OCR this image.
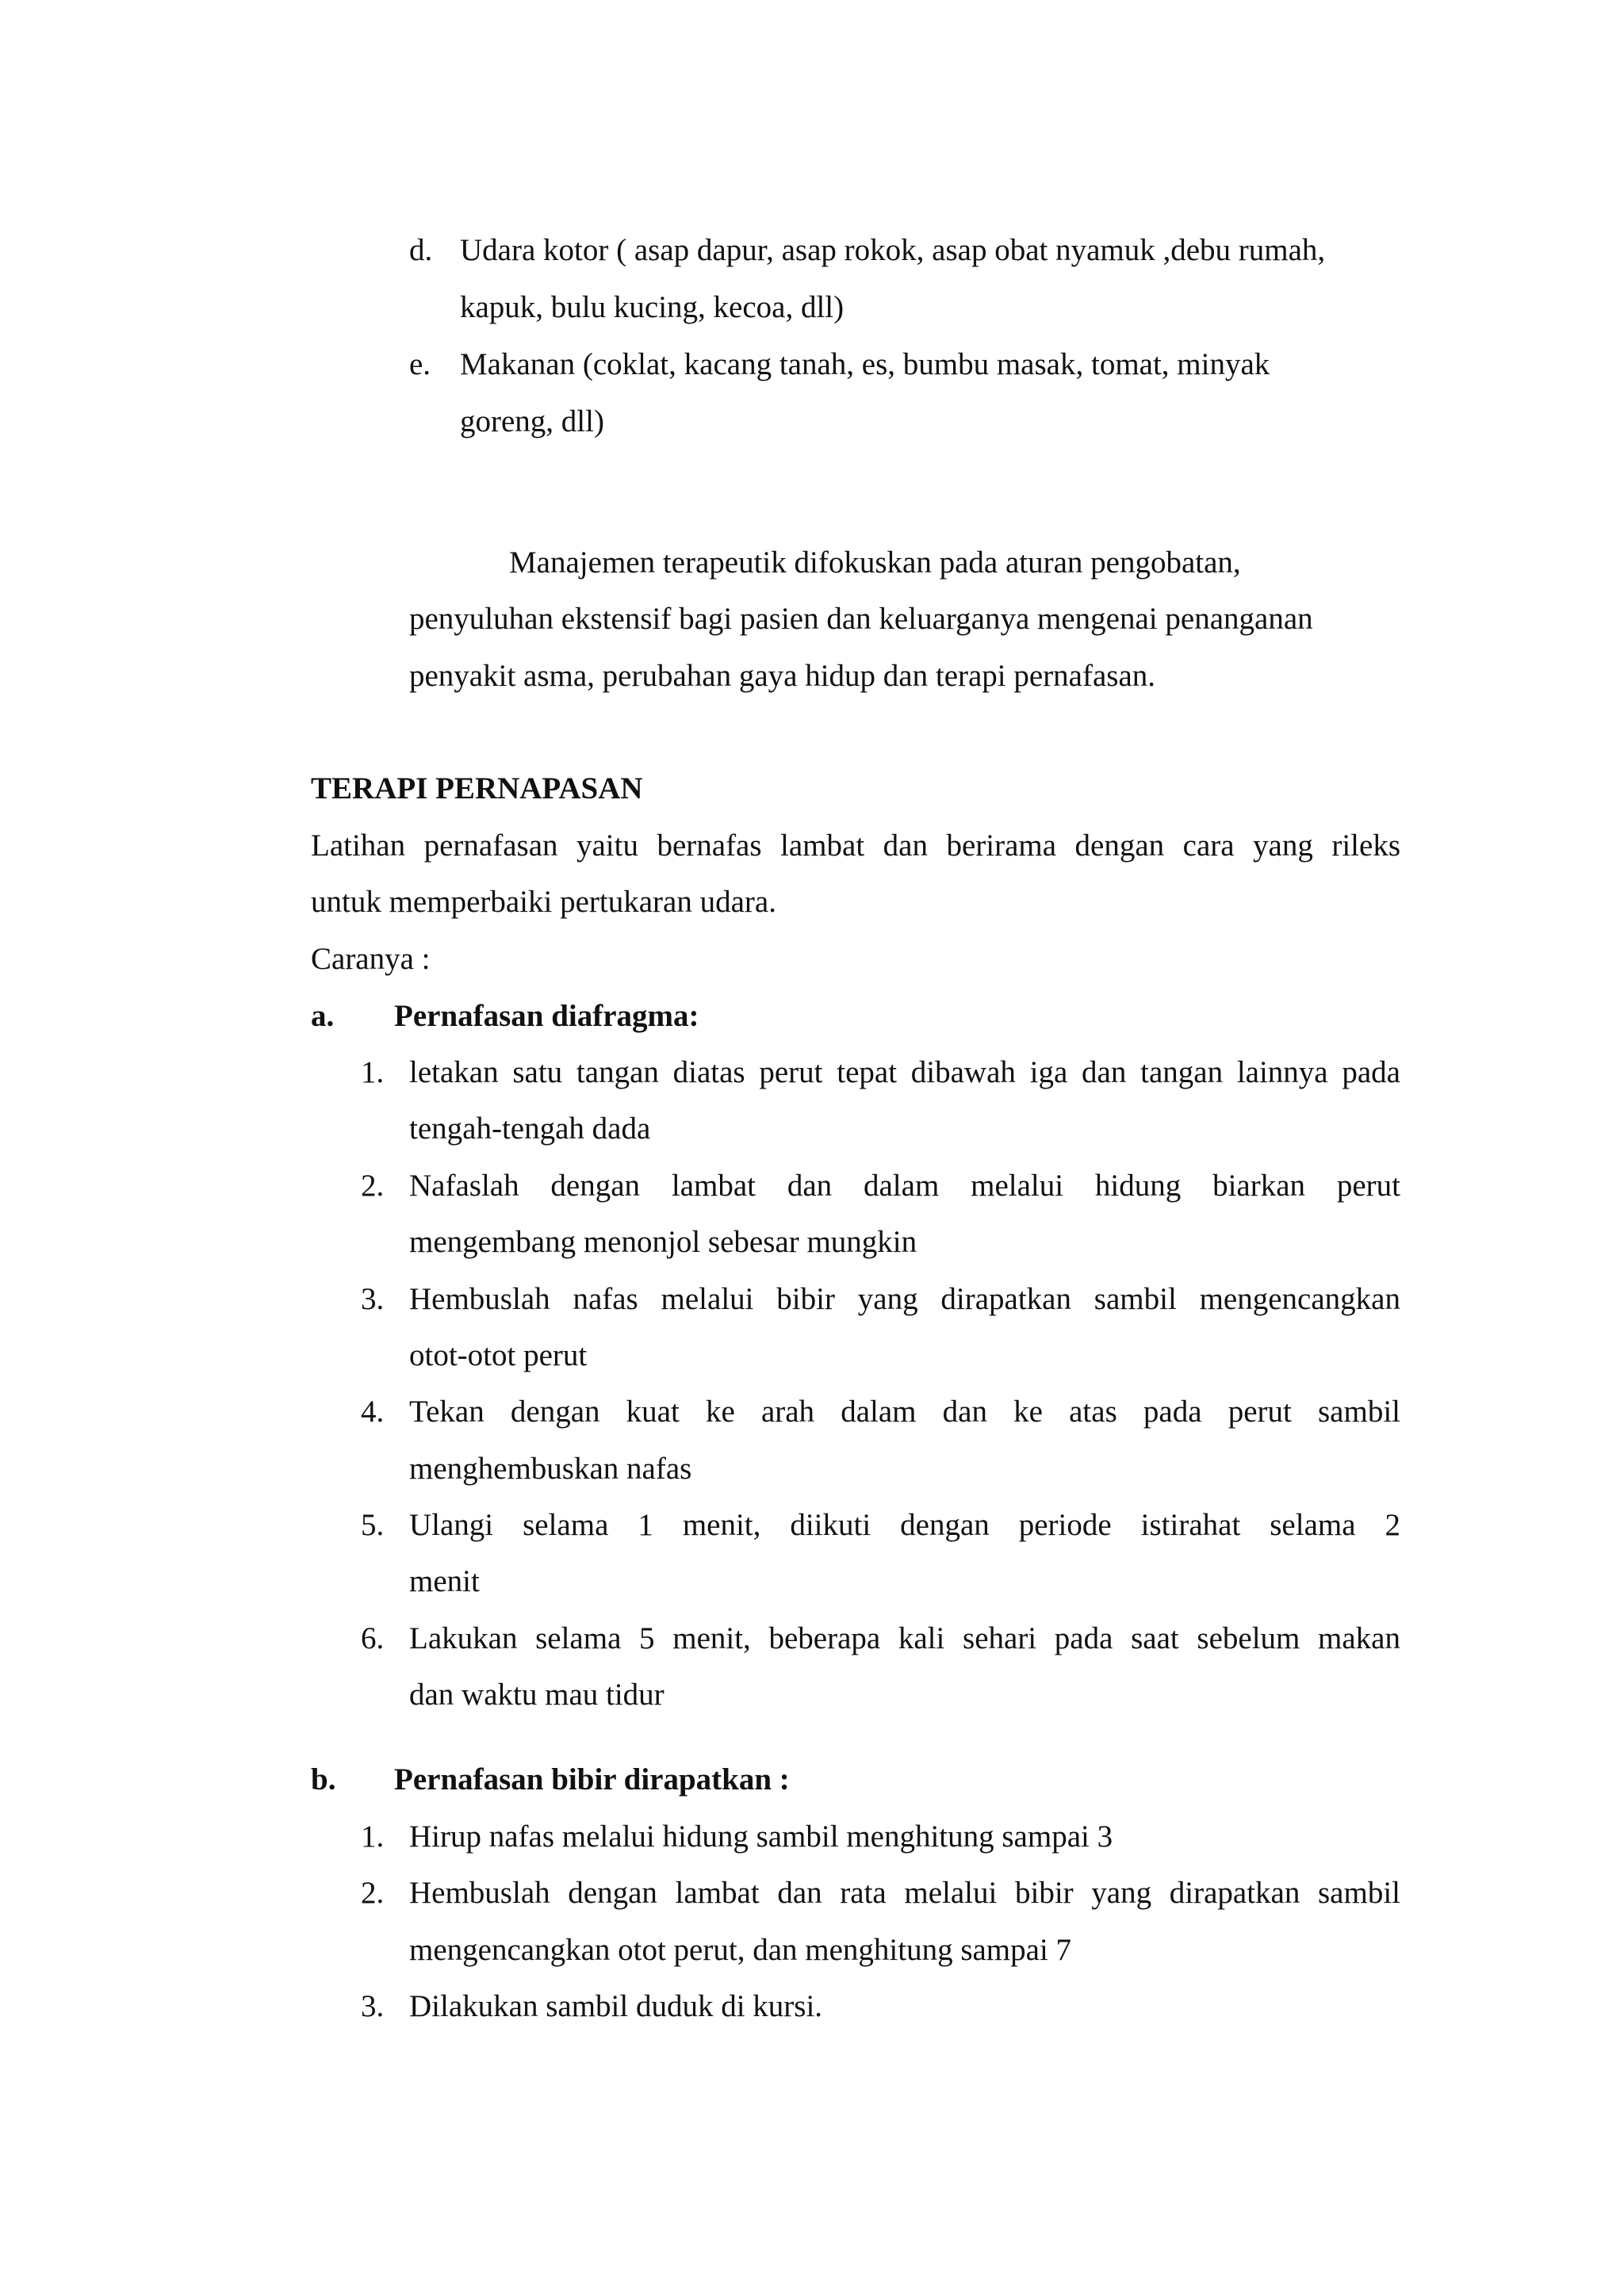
d. Udara kotor ( asap dapur, asap rokok, asap obat nyamuk ,debu rumah,
kapuk, bulu kucing, kecoa, dll)
e. Makanan (coklat, kacang tanah, es, bumbu masak, tomat, minyak
goreng, dll)
Manajemen terapeutik difokuskan pada aturan pengobatan,
penyuluhan ekstensif bagi pasien dan keluarganya mengenai penanganan
penyakit asma, perubahan gaya hidup dan terapi pernafasan.
TERAPI PERNAPASAN
Latihan pernafasan yaitu bernafas lambat dan berirama dengan cara yang rileks
untuk memperbaiki pertukaran udara.
Caranya :
a. Pernafasan diafragma:
1. letakan satu tangan diatas perut tepat dibawah iga dan tangan lainnya pada
tengah-tengah dada
2. Nafaslah dengan lambat dan dalam melalui hidung biarkan perut
mengembang menonjol sebesar mungkin
3. Hembuslah nafas melalui bibir yang dirapatkan sambil mengencangkan
otot-otot perut
4. Tekan dengan kuat ke arah dalam dan ke atas pada perut sambil
menghembuskan nafas
5. Ulangi selama 1 menit, diikuti dengan periode istirahat selama 2
menit
6. Lakukan selama 5 menit, beberapa kali sehari pada saat sebelum makan
dan waktu mau tidur
b. Pernafasan bibir dirapatkan :
1. Hirup nafas melalui hidung sambil menghitung sampai 3
2. Hembuslah dengan lambat dan rata melalui bibir yang dirapatkan sambil
mengencangkan otot perut, dan menghitung sampai 7
3. Dilakukan sambil duduk di kursi.
